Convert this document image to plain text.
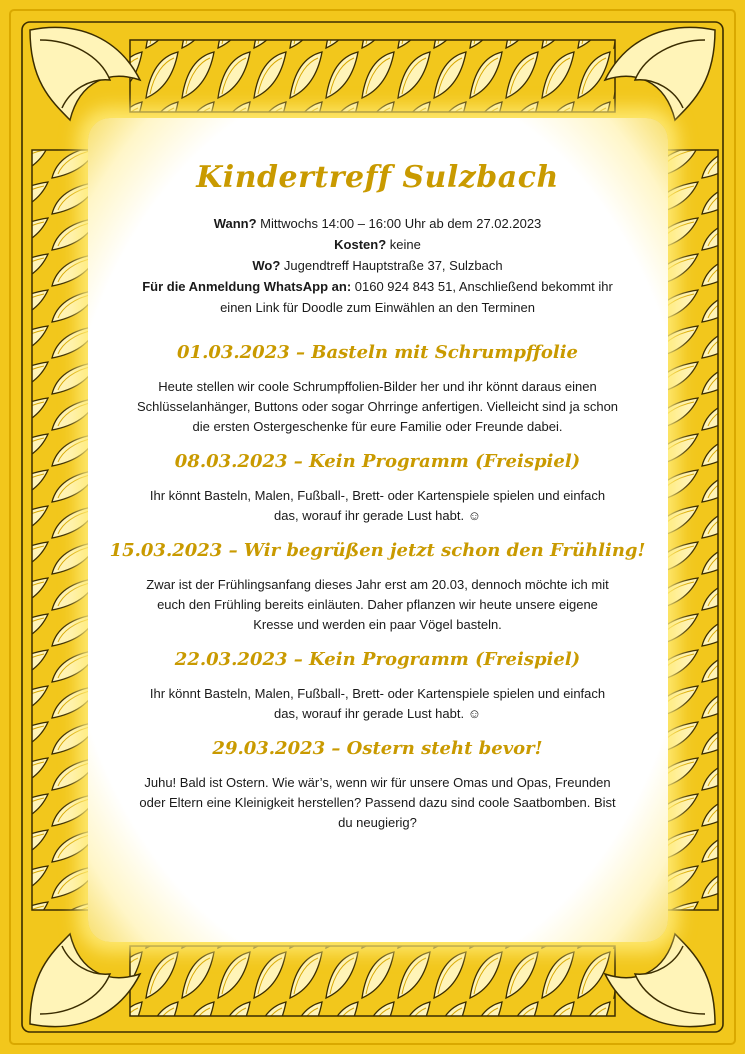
Kindertreff Sulzbach

Wann? Mittwochs 14:00 – 16:00 Uhr ab dem 27.02.2023

Kosten? keine

Wo? Jugendtreff Hauptstraße 37, Sulzbach

Für die Anmeldung WhatsApp an: 0160 924 843 51, Anschließend bekommt ihr

einen Link für Doodle zum Einwählen an den Terminen

01.03.2023 – Basteln mit Schrumpffolie

Heute stellen wir coole Schrumpffolien-Bilder her und ihr könnt daraus einen

Schlüsselanhänger, Buttons oder sogar Ohrringe anfertigen. Vielleicht sind ja schon

die ersten Ostergeschenke für eure Familie oder Freunde dabei.

08.03.2023 – Kein Programm (Freispiel)

Ihr könnt Basteln, Malen, Fußball-, Brett- oder Kartenspiele spielen und einfach

das, worauf ihr gerade Lust habt. ☺

15.03.2023 – Wir begrüßen jetzt schon den Frühling!

Zwar ist der Frühlingsanfang dieses Jahr erst am 20.03, dennoch möchte ich mit

euch den Frühling bereits einläuten. Daher pflanzen wir heute unsere eigene

Kresse und werden ein paar Vögel basteln.

22.03.2023 – Kein Programm (Freispiel)

Ihr könnt Basteln, Malen, Fußball-, Brett- oder Kartenspiele spielen und einfach

das, worauf ihr gerade Lust habt. ☺

29.03.2023 – Ostern steht bevor!

Juhu! Bald ist Ostern. Wie wär’s, wenn wir für unsere Omas und Opas, Freunden

oder Eltern eine Kleinigkeit herstellen? Passend dazu sind coole Saatbomben. Bist

du neugierig?
